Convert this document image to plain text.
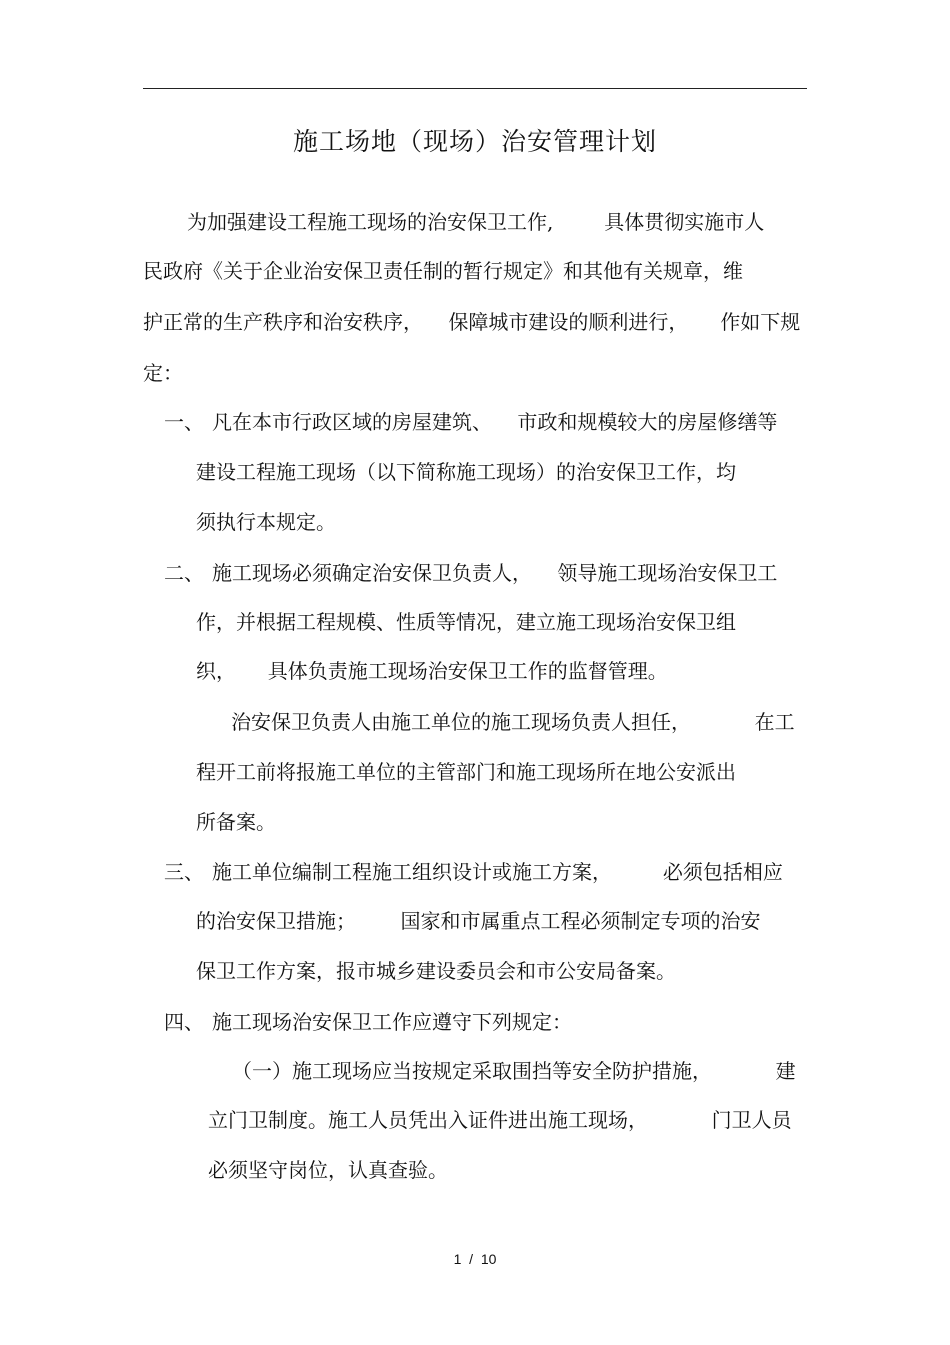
施工场地（现场）治安管理计划
为加强建设工程施工现场的治安保卫工作,        具体贯彻实施市人
民政府《关于企业治安保卫责任制的暂行规定》和其他有关规章，维
护正常的生产秩序和治安秩序，    保障城市建设的顺利进行，     作如下规
定：
一、 凡在本市行政区域的房屋建筑、    市政和规模较大的房屋修缮等
建设工程施工现场（以下简称施工现场）的治安保卫工作，均
须执行本规定。
二、 施工现场必须确定治安保卫负责人，    领导施工现场治安保卫工
作，并根据工程规模、性质等情况，建立施工现场治安保卫组
织，     具体负责施工现场治安保卫工作的监督管理。
治安保卫负责人由施工单位的施工现场负责人担任，          在工
程开工前将报施工单位的主管部门和施工现场所在地公安派出
所备案。
三、 施工单位编制工程施工组织设计或施工方案，        必须包括相应
的治安保卫措施；       国家和市属重点工程必须制定专项的治安
保卫工作方案，报市城乡建设委员会和市公安局备案。
四、 施工现场治安保卫工作应遵守下列规定：
（一）施工现场应当按规定采取围挡等安全防护措施，          建
立门卫制度。施工人员凭出入证件进出施工现场，          门卫人员
必须坚守岗位，认真查验。
1  /  10
